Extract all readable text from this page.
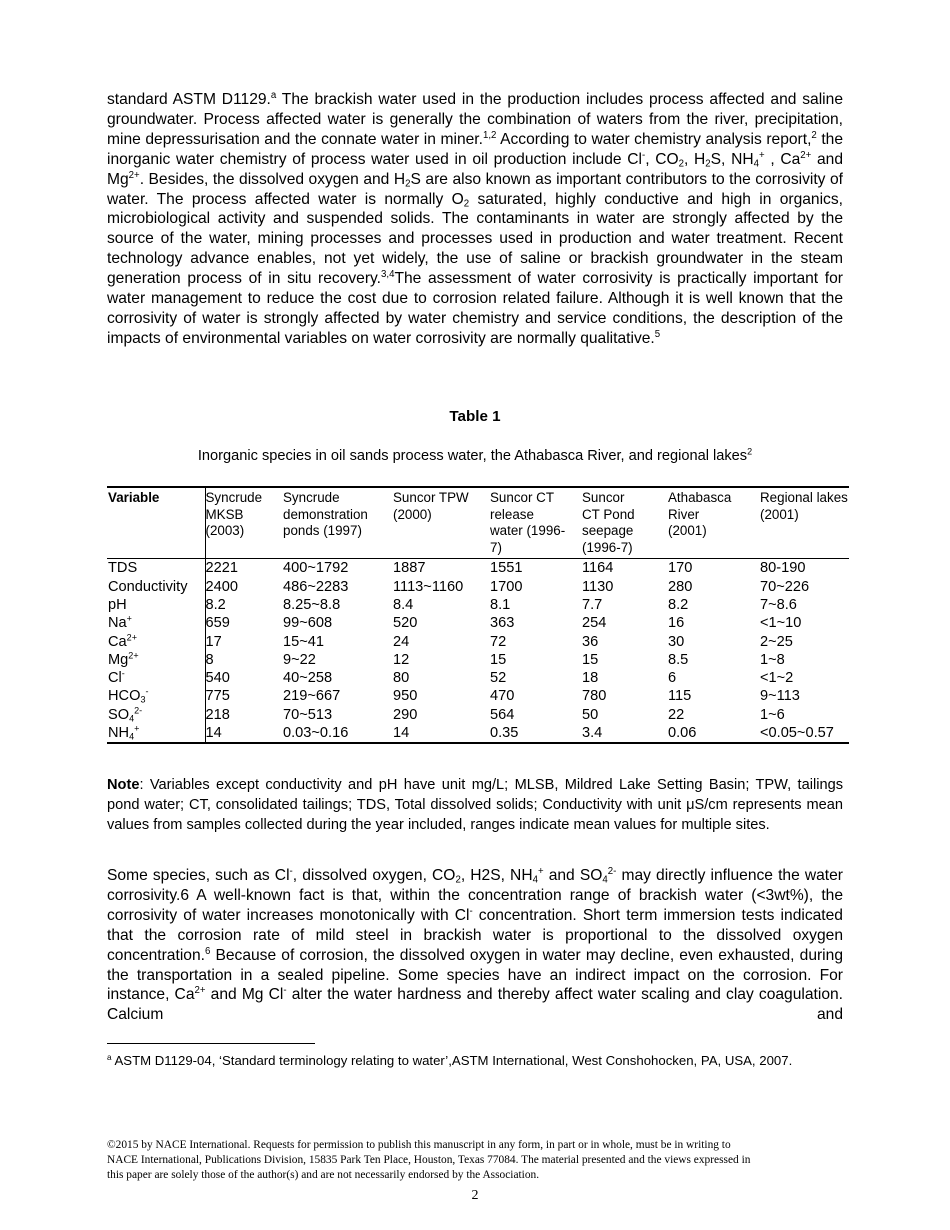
standard ASTM D1129.$^a$ The brackish water used in the production includes process affected and saline groundwater. Process affected water is generally the combination of waters from the river, precipitation, mine depressurisation and the connate water in miner.$^{1,2}$ According to water chemistry analysis report,$^2$ the inorganic water chemistry of process water used in oil production include Cl-, $CO_2$, $H_2S$, $NH_4^+$ , $Ca^{2+}$ and $Mg^{2+}$. Besides, the dissolved oxygen and $H_2S$ are also known as important contributors to the corrosivity of water. The process affected water is normally $O_2$ saturated, highly conductive and high in organics, microbiological activity and suspended solids. The contaminants in water are strongly affected by the source of the water, mining processes and processes used in production and water treatment. Recent technology advance enables, not yet widely, the use of saline or brackish groundwater in the steam generation process of in situ recovery.$^{3,4}$The assessment of water corrosivity is practically important for water management to reduce the cost due to corrosion related failure. Although it is well known that the corrosivity of water is strongly affected by water chemistry and service conditions, the description of the impacts of environmental variables on water corrosivity are normally qualitative.$^5$

Table 1
Inorganic species in oil sands process water, the Athabasca River, and regional lakes$^2$
Variable	Syncrude MKSB (2003)	Syncrude demonstration ponds (1997)	Suncor TPW (2000)	Suncor CT release water (1996-7)	Suncor CT Pond seepage (1996-7)	Athabasca River (2001)	Regional lakes (2001)

TDS	2221	400~1792	1887	1551	1164	170	80-190
Conductivity	2400	486~2283	1113~1160	1700	1130	280	70~226
pH	8.2	8.25~8.8	8.4	8.1	7.7	8.2	7~8.6
Na+	659	99~608	520	363	254	16	<1~10
$Ca^{2+}$	17	15~41	24	72	36	30	2~25
$Mg^{2+}$	8	9~22	12	15	15	8.5	1~8
Cl-	540	40~258	80	52	18	6	<1~2
$HCO_3^-$	775	219~667	950	470	780	115	9~113
$SO_4^{2-}$	218	70~513	290	564	50	22	1~6
$NH_4^+$	14	0.03~0.16	14	0.35	3.4	0.06	<0.05~0.57

Note: Variables except conductivity and pH have unit mg/L; MLSB, Mildred Lake Setting Basin; TPW, tailings pond water; CT, consolidated tailings; TDS, Total dissolved solids; Conductivity with unit μS/cm represents mean values from samples collected during the year included, ranges indicate mean values for multiple sites.

Some species, such as Cl-, dissolved oxygen, $CO_2$, H2S, $NH_4^+$ and $SO_4^{2-}$ may directly influence the water corrosivity.6 A well-known fact is that, within the concentration range of brackish water (<3wt%), the corrosivity of water increases monotonically with Cl- concentration. Short term immersion tests indicated that the corrosion rate of mild steel in brackish water is proportional to the dissolved oxygen concentration.$^6$ Because of corrosion, the dissolved oxygen in water may decline, even exhausted, during the transportation in a sealed pipeline. Some species have an indirect impact on the corrosion. For instance, $Ca^{2+}$ and Mg Cl- alter the water hardness and thereby affect water scaling and clay coagulation. Calcium and

$^a$ ASTM D1129-04, ‘Standard terminology relating to water’,ASTM International, West Conshohocken, PA, USA, 2007.

©2015 by NACE International. Requests for permission to publish this manuscript in any form, in part or in whole, must be in writing to
NACE International, Publications Division, 15835 Park Ten Place, Houston, Texas 77084. The material presented and the views expressed in
this paper are solely those of the author(s) and are not necessarily endorsed by the Association.
2
